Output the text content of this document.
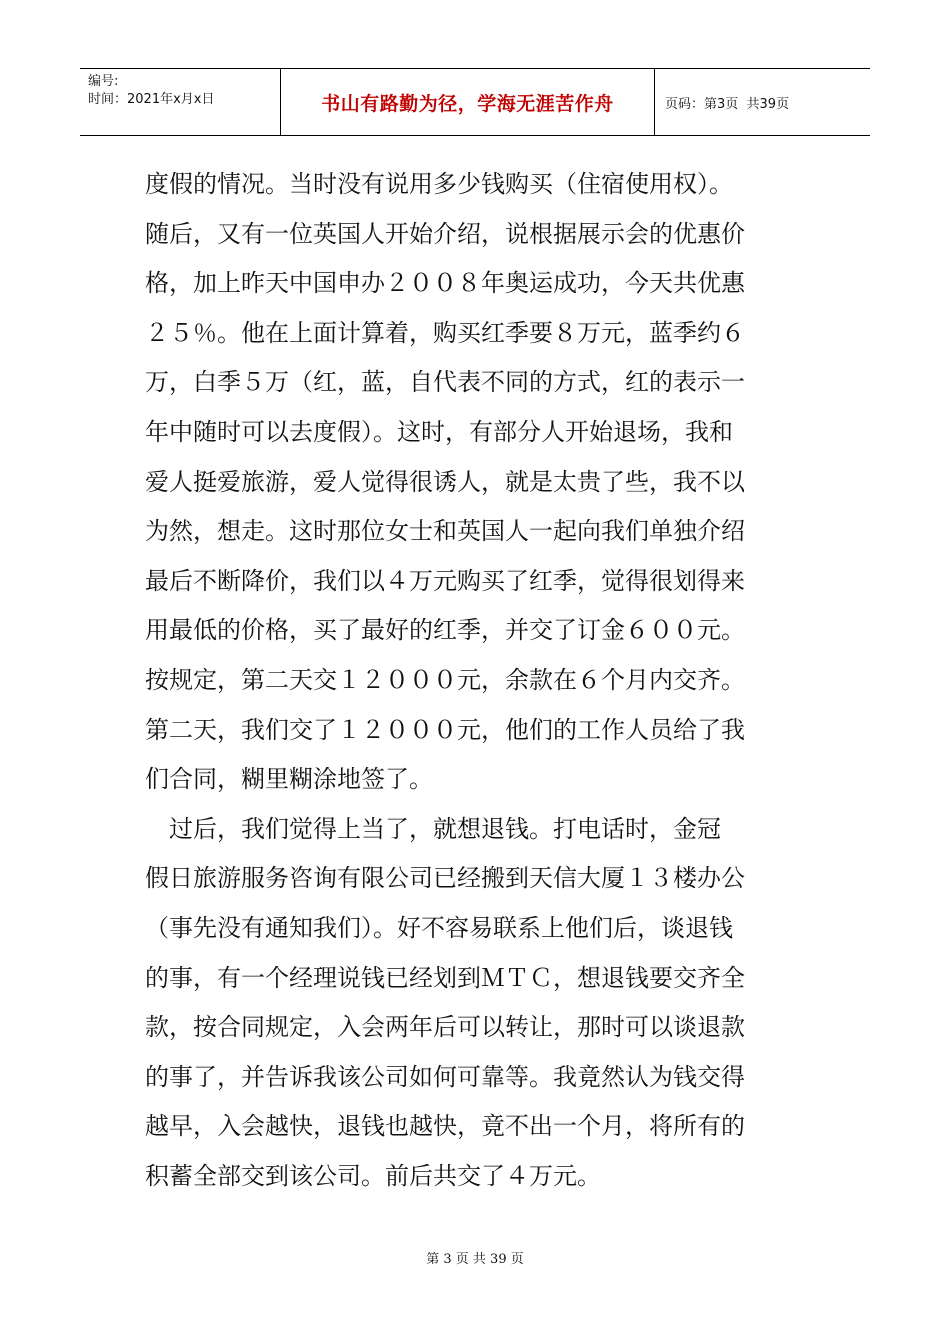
编号:
时间：2021年x月x日	书山有路勤为径，学海无涯苦作舟	页码：第3页  共39页
度假的情况。当时没有说用多少钱购买（住宿使用权）。
随后，又有一位英国人开始介绍，说根据展示会的优惠价
格，加上昨天中国申办２００８年奥运成功，今天共优惠
２５％。他在上面计算着，购买红季要８万元，蓝季约６
万，白季５万（红，蓝，自代表不同的方式，红的表示一
年中随时可以去度假）。这时，有部分人开始退场，我和
爱人挺爱旅游，爱人觉得很诱人，就是太贵了些，我不以
为然，想走。这时那位女士和英国人一起向我们单独介绍
最后不断降价，我们以４万元购买了红季，觉得很划得来
用最低的价格，买了最好的红季，并交了订金６００元。
按规定，第二天交１２０００元，余款在６个月内交齐。
第二天，我们交了１２０００元，他们的工作人员给了我
们合同，糊里糊涂地签了。
　过后，我们觉得上当了，就想退钱。打电话时，金冠
假日旅游服务咨询有限公司已经搬到天信大厦１３楼办公
（事先没有通知我们）。好不容易联系上他们后，谈退钱
的事，有一个经理说钱已经划到ＭＴＣ，想退钱要交齐全
款，按合同规定，入会两年后可以转让，那时可以谈退款
的事了，并告诉我该公司如何可靠等。我竟然认为钱交得
越早，入会越快，退钱也越快，竟不出一个月，将所有的
积蓄全部交到该公司。前后共交了４万元。
第 3 页 共 39 页
